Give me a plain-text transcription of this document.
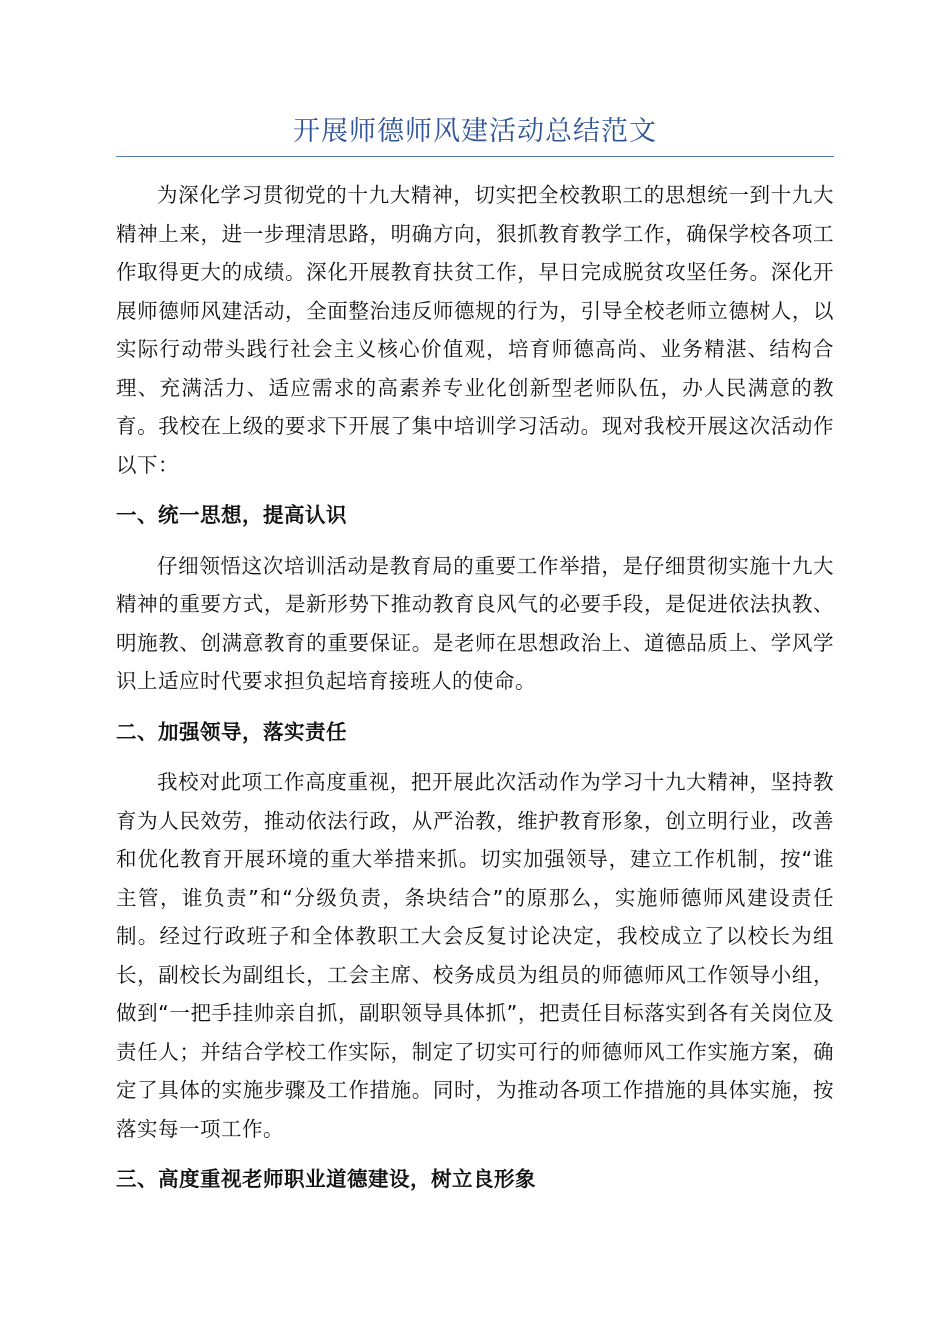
开展师德师风建活动总结范文

为深化学习贯彻党的十九大精神，切实把全校教职工的思想统一到十九大精神上来，进一步理清思路，明确方向，狠抓教育教学工作，确保学校各项工作取得更大的成绩。深化开展教育扶贫工作，早日完成脱贫攻坚任务。深化开展师德师风建活动，全面整治违反师德规的行为，引导全校老师立德树人，以实际行动带头践行社会主义核心价值观，培育师德高尚、业务精湛、结构合理、充满活力、适应需求的高素养专业化创新型老师队伍，办人民满意的教育。我校在上级的要求下开展了集中培训学习活动。现对我校开展这次活动作以下：

一、统一思想，提高认识

仔细领悟这次培训活动是教育局的重要工作举措，是仔细贯彻实施十九大精神的重要方式，是新形势下推动教育良风气的必要手段，是促进依法执教、明施教、创满意教育的重要保证。是老师在思想政治上、道德品质上、学风学识上适应时代要求担负起培育接班人的使命。

二、加强领导，落实责任

我校对此项工作高度重视，把开展此次活动作为学习十九大精神，坚持教育为人民效劳，推动依法行政，从严治教，维护教育形象，创立明行业，改善和优化教育开展环境的重大举措来抓。切实加强领导，建立工作机制，按“谁主管，谁负责”和“分级负责，条块结合”的原那么，实施师德师风建设责任制。经过行政班子和全体教职工大会反复讨论决定，我校成立了以校长为组长，副校长为副组长，工会主席、校务成员为组员的师德师风工作领导小组，做到“一把手挂帅亲自抓，副职领导具体抓”，把责任目标落实到各有关岗位及责任人；并结合学校工作实际，制定了切实可行的师德师风工作实施方案，确定了具体的实施步骤及工作措施。同时，为推动各项工作措施的具体实施，按落实每一项工作。

三、高度重视老师职业道德建设，树立良形象
